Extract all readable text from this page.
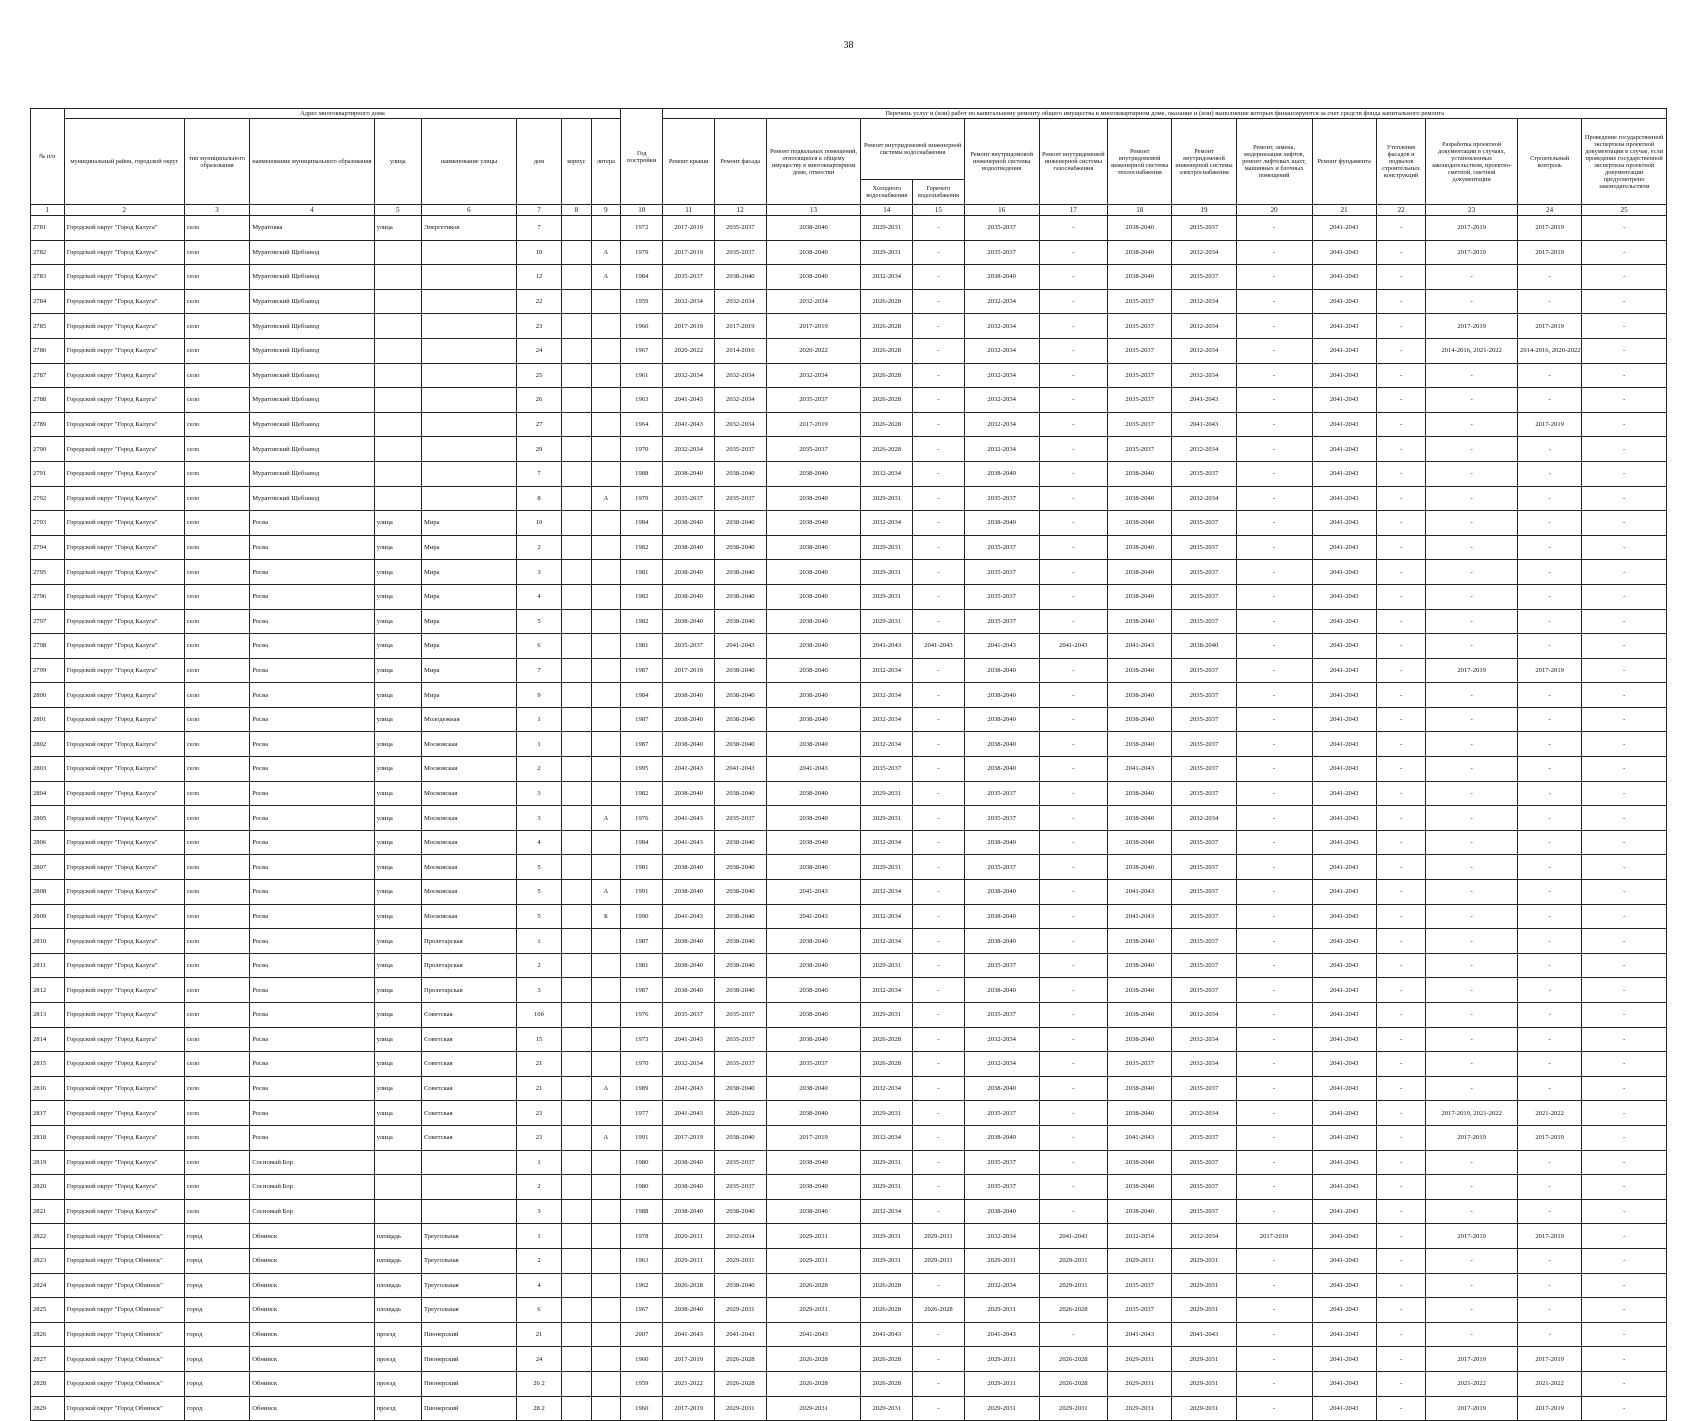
38
№ п/п	Адрес многоквартирного дома								Год постройки	Перечень услуг и (или) работ по капитальному ремонту общего имущества в многоквартирном доме, оказание и (или) выполнение которых финансируются за счет средств фонда капитального ремонта														
	муниципальный район, городской округ	тип муниципального образования	наименование муниципального образования	улица	наименование улицы	дом	корпус	литера		Ремонт крыши	Ремонт фасада	Ремонт подвальных помещений, относящихся к общему имуществу в многоквартирном доме, отмостки	Ремонт внутридомовой инженерной системы водоснабжения		Ремонт внутридомовой инженерной системы водоотведения	Ремонт внутридомовой инженерной системы газоснабжения	Ремонт внутридомовой инженерной системы теплоснабжения	Ремонт внутридомовой инженерной системы электроснабжения	Ремонт, замена, модернизация лифтов, ремонт лифтовых шахт, машинных и блочных помещений	Ремонт фундамента	Утепление фасадов и подвалов строительных конструкций	Разработка проектной документации в случаях, установленных законодательством, проектно-сметной, сметной документации	Строительный контроль	Проведение государственной экспертизы проектной документации в случае, если проведение государственной экспертизы проектной документации предусмотрено законодательством
													Холодного водоснабжения	Горячего водоснабжения										
1	2	3	4	5	6	7	8	9	10	11	12	13	14	15	16	17	18	19	20	21	22	23	24	25
2781	Городской округ "Город Калуга"	село	Муратовка	улица	Энергетиков	7			1972	2017-2019	2035-2037	2038-2040	2029-2031	-	2035-2037	-	2038-2040	2035-2037	-	2041-2043	-	2017-2019	2017-2019	-
2782	Городской округ "Город Калуга"	село	Муратовский Щебзавод			10		А	1979	2017-2019	2035-2037	2038-2040	2029-2031	-	2035-2037	-	2038-2040	2032-2034	-	2041-2043	-	2017-2019	2017-2019	-
2783	Городской округ "Город Калуга"	село	Муратовский Щебзавод			12		А	1984	2035-2037	2038-2040	2038-2040	2032-2034	-	2038-2040	-	2038-2040	2035-2037	-	2041-2043	-	-	-	-
2784	Городской округ "Город Калуга"	село	Муратовский Щебзавод			22			1959	2032-2034	2032-2034	2032-2034	2026-2028	-	2032-2034	-	2035-2037	2032-2034	-	2041-2043	-	-	-	-
2785	Городской округ "Город Калуга"	село	Муратовский Щебзавод			23			1960	2017-2019	2017-2019	2017-2019	2026-2028	-	2032-2034	-	2035-2037	2032-2034	-	2041-2043	-	2017-2019	2017-2019	-
2786	Городской округ "Город Калуга"	село	Муратовский Щебзавод			24			1967	2020-2022	2014-2016	2020-2022	2026-2028	-	2032-2034	-	2035-2037	2032-2034	-	2041-2043	-	2014-2016, 2021-2022	2014-2016, 2020-2022	-
2787	Городской округ "Город Калуга"	село	Муратовский Щебзавод			25			1961	2032-2034	2032-2034	2032-2034	2026-2028	-	2032-2034	-	2035-2037	2032-2034	-	2041-2043	-	-	-	-
2788	Городской округ "Город Калуга"	село	Муратовский Щебзавод			26			1963	2041-2043	2032-2034	2035-2037	2026-2028	-	2032-2034	-	2035-2037	2041-2043	-	2041-2043	-	-	-	-
2789	Городской округ "Город Калуга"	село	Муратовский Щебзавод			27			1964	2041-2043	2032-2034	2017-2019	2026-2028	-	2032-2034	-	2035-2037	2041-2043	-	2041-2043	-	-	2017-2019	-
2790	Городской округ "Город Калуга"	село	Муратовский Щебзавод			29			1970	2032-2034	2035-2037	2035-2037	2026-2028	-	2032-2034	-	2035-2037	2032-2034	-	2041-2043	-	-	-	-
2791	Городской округ "Город Калуга"	село	Муратовский Щебзавод			7			1988	2038-2040	2038-2040	2038-2040	2032-2034	-	2038-2040	-	2038-2040	2035-2037	-	2041-2043	-	-	-	-
2792	Городской округ "Город Калуга"	село	Муратовский Щебзавод			8		А	1979	2035-2037	2035-2037	2038-2040	2029-2031	-	2035-2037	-	2038-2040	2032-2034	-	2041-2043	-	-	-	-
2793	Городской округ "Город Калуга"	село	Росва	улица	Мира	10			1984	2038-2040	2038-2040	2038-2040	2032-2034	-	2038-2040	-	2038-2040	2035-2037	-	2041-2043	-	-	-	-
2794	Городской округ "Город Калуга"	село	Росва	улица	Мира	2			1982	2038-2040	2038-2040	2038-2040	2029-2031	-	2035-2037	-	2038-2040	2035-2037	-	2041-2043	-	-	-	-
2795	Городской округ "Город Калуга"	село	Росва	улица	Мира	3			1981	2038-2040	2038-2040	2038-2040	2029-2031	-	2035-2037	-	2038-2040	2035-2037	-	2041-2043	-	-	-	-
2796	Городской округ "Город Калуга"	село	Росва	улица	Мира	4			1982	2038-2040	2038-2040	2038-2040	2029-2031	-	2035-2037	-	2038-2040	2035-2037	-	2041-2043	-	-	-	-
2797	Городской округ "Город Калуга"	село	Росва	улица	Мира	5			1982	2038-2040	2038-2040	2038-2040	2029-2031	-	2035-2037	-	2038-2040	2035-2037	-	2041-2043	-	-	-	-
2798	Городской округ "Город Калуга"	село	Росва	улица	Мира	6			1981	2035-2037	2041-2043	2038-2040	2041-2043	2041-2043	2041-2043	2041-2043	2041-2043	2038-2040	-	2041-2043	-	-	-	-
2799	Городской округ "Город Калуга"	село	Росва	улица	Мира	7			1987	2017-2019	2038-2040	2038-2040	2032-2034	-	2038-2040	-	2038-2040	2035-2037	-	2041-2043	-	2017-2019	2017-2019	-
2800	Городской округ "Город Калуга"	село	Росва	улица	Мира	9			1984	2038-2040	2038-2040	2038-2040	2032-2034	-	2038-2040	-	2038-2040	2035-2037	-	2041-2043	-	-	-	-
2801	Городской округ "Город Калуга"	село	Росва	улица	Молодежная	1			1987	2038-2040	2038-2040	2038-2040	2032-2034	-	2038-2040	-	2038-2040	2035-2037	-	2041-2043	-	-	-	-
2802	Городской округ "Город Калуга"	село	Росва	улица	Московская	1			1987	2038-2040	2038-2040	2038-2040	2032-2034	-	2038-2040	-	2038-2040	2035-2037	-	2041-2043	-	-	-	-
2803	Городской округ "Город Калуга"	село	Росва	улица	Московская	2			1995	2041-2043	2041-2043	2041-2043	2035-2037	-	2038-2040	-	2041-2043	2035-2037	-	2041-2043	-	-	-	-
2804	Городской округ "Город Калуга"	село	Росва	улица	Московская	3			1982	2038-2040	2038-2040	2038-2040	2029-2031	-	2035-2037	-	2038-2040	2035-2037	-	2041-2043	-	-	-	-
2805	Городской округ "Город Калуга"	село	Росва	улица	Московская	3		А	1976	2041-2043	2035-2037	2038-2040	2029-2031	-	2035-2037	-	2038-2040	2032-2034	-	2041-2043	-	-	-	-
2806	Городской округ "Город Калуга"	село	Росва	улица	Московская	4			1984	2041-2043	2038-2040	2038-2040	2032-2034	-	2038-2040	-	2038-2040	2035-2037	-	2041-2043	-	-	-	-
2807	Городской округ "Город Калуга"	село	Росва	улица	Московская	5			1981	2038-2040	2038-2040	2038-2040	2029-2031	-	2035-2037	-	2038-2040	2035-2037	-	2041-2043	-	-	-	-
2808	Городской округ "Город Калуга"	село	Росва	улица	Московская	5		А	1991	2038-2040	2038-2040	2041-2043	2032-2034	-	2038-2040	-	2041-2043	2035-2037	-	2041-2043	-	-	-	-
2809	Городской округ "Город Калуга"	село	Росва	улица	Московская	5		Б	1990	2041-2043	2038-2040	2041-2043	2032-2034	-	2038-2040	-	2041-2043	2035-2037	-	2041-2043	-	-	-	-
2810	Городской округ "Город Калуга"	село	Росва	улица	Пролетарская	1			1987	2038-2040	2038-2040	2038-2040	2032-2034	-	2038-2040	-	2038-2040	2035-2037	-	2041-2043	-	-	-	-
2811	Городской округ "Город Калуга"	село	Росва	улица	Пролетарская	2			1981	2038-2040	2038-2040	2038-2040	2029-2031	-	2035-2037	-	2038-2040	2035-2037	-	2041-2043	-	-	-	-
2812	Городской округ "Город Калуга"	село	Росва	улица	Пролетарская	3			1987	2038-2040	2038-2040	2038-2040	2032-2034	-	2038-2040	-	2038-2040	2035-2037	-	2041-2043	-	-	-	-
2813	Городской округ "Город Калуга"	село	Росва	улица	Советская	10б			1976	2035-2037	2035-2037	2038-2040	2029-2031	-	2035-2037	-	2038-2040	2032-2034	-	2041-2043	-	-	-	-
2814	Городской округ "Город Калуга"	село	Росва	улица	Советская	15			1973	2041-2043	2035-2037	2038-2040	2026-2028	-	2032-2034	-	2038-2040	2032-2034	-	2041-2043	-	-	-	-
2815	Городской округ "Город Калуга"	село	Росва	улица	Советская	21			1970	2032-2034	2035-2037	2035-2037	2026-2028	-	2032-2034	-	2035-2037	2032-2034	-	2041-2043	-	-	-	-
2816	Городской округ "Город Калуга"	село	Росва	улица	Советская	21		А	1989	2041-2043	2038-2040	2038-2040	2032-2034	-	2038-2040	-	2038-2040	2035-2037	-	2041-2043	-	-	-	-
2817	Городской округ "Город Калуга"	село	Росва	улица	Советская	23			1977	2041-2043	2020-2022	2038-2040	2029-2031	-	2035-2037	-	2038-2040	2032-2034	-	2041-2043	-	2017-2019, 2021-2022	2021-2022	-
2818	Городской округ "Город Калуга"	село	Росва	улица	Советская	23		А	1991	2017-2019	2038-2040	2017-2019	2032-2034	-	2038-2040	-	2041-2043	2035-2037	-	2041-2043	-	2017-2019	2017-2019	-
2819	Городской округ "Город Калуга"	село	Сосновый Бор			1			1980	2038-2040	2035-2037	2038-2040	2029-2031	-	2035-2037	-	2038-2040	2035-2037	-	2041-2043	-	-	-	-
2820	Городской округ "Город Калуга"	село	Сосновый Бор			2			1980	2038-2040	2035-2037	2038-2040	2029-2031	-	2035-2037	-	2038-2040	2035-2037	-	2041-2043	-	-	-	-
2821	Городской округ "Город Калуга"	село	Сосновый Бор			3			1988	2038-2040	2038-2040	2038-2040	2032-2034	-	2038-2040	-	2038-2040	2035-2037	-	2041-2043	-	-	-	-
2822	Городской округ "Город Обнинск"	город	Обнинск	площадь	Треугольная	1			1978	2020-2031	2032-2034	2029-2031	2029-2031	2029-2031	2032-2034	2041-2043	2032-2034	2032-2034	2017-2019	2041-2043	-	2017-2019	2017-2019	-
2823	Городской округ "Город Обнинск"	город	Обнинск	площадь	Треугольная	2			1963	2029-2031	2029-2031	2029-2031	2029-2031	2029-2031	2029-2031	2029-2031	2029-2031	2029-2031	-	2041-2043	-	-	-	-
2824	Городской округ "Город Обнинск"	город	Обнинск	площадь	Треугольная	4			1962	2026-2028	2038-2040	2026-2028	2026-2028	-	2032-2034	2029-2031	2035-2037	2029-2031	-	2041-2043	-	-	-	-
2825	Городской округ "Город Обнинск"	город	Обнинск	площадь	Треугольная	6			1967	2038-2040	2029-2031	2029-2031	2026-2028	2026-2028	2029-2031	2026-2028	2035-2037	2029-2031	-	2041-2043	-	-	-	-
2826	Городской округ "Город Обнинск"	город	Обнинск	проезд	Пионерский	21			2007	2041-2043	2041-2043	2041-2043	2041-2043	-	2041-2043	-	2041-2043	2041-2043	-	2041-2043	-	-	-	-
2827	Городской округ "Город Обнинск"	город	Обнинск	проезд	Пионерский	24			1960	2017-2019	2026-2028	2026-2028	2026-2028	-	2029-2031	2026-2028	2029-2031	2029-2031	-	2041-2043	-	2017-2019	2017-2019	-
2828	Городской округ "Город Обнинск"	город	Обнинск	проезд	Пионерский	26 2			1959	2021-2022	2026-2028	2026-2028	2026-2028	-	2029-2031	2026-2028	2029-2031	2029-2031	-	2041-2043	-	2021-2022	2021-2022	-
2829	Городской округ "Город Обнинск"	город	Обнинск	проезд	Пионерский	28 2			1960	2017-2019	2029-2031	2029-2031	2029-2031	-	2029-2031	2029-2031	2029-2031	2029-2031	-	2041-2043	-	2017-2019	2017-2019	-
